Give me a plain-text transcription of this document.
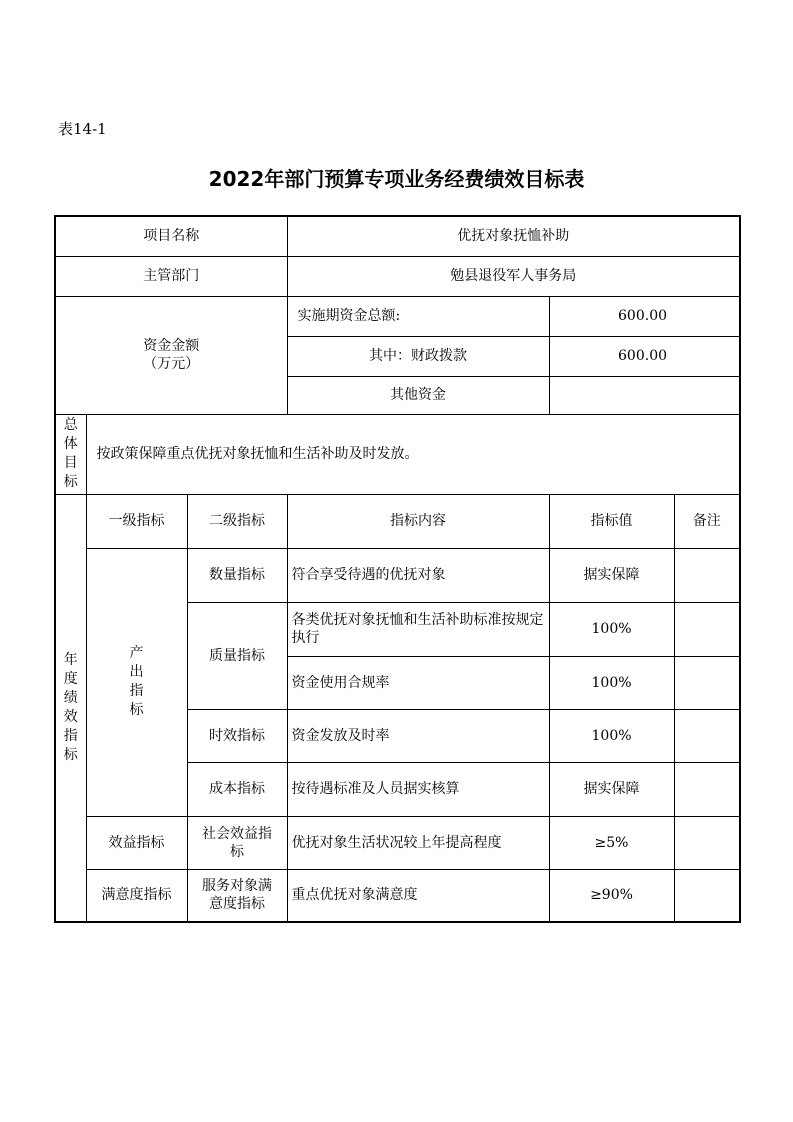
表14-1
2022年部门预算专项业务经费绩效目标表
项目名称			优抚对象抚恤补助		
主管部门			勉县退役军人事务局		

资金金额
（万元）			实施期资金总额:	600.00	
			其中：财政拨款	600.00	
			其他资金		

总体目标	按政策保障重点优抚对象抚恤和生活补助及时发放。				

年度绩效指标	一级指标	二级指标	指标内容	指标值	备注

	产出指标	数量指标	符合享受待遇的优抚对象	据实保障	
		质量指标	各类优抚对象抚恤和生活补助标准按规定执行	100%	
			资金使用合规率	100%	
		时效指标	资金发放及时率	100%	
		成本指标	按待遇标准及人员据实核算	据实保障	
	效益指标	社会效益指标	优抚对象生活状况较上年提高程度	≥5%	
	满意度指标	服务对象满意度指标	重点优抚对象满意度	≥90%	
